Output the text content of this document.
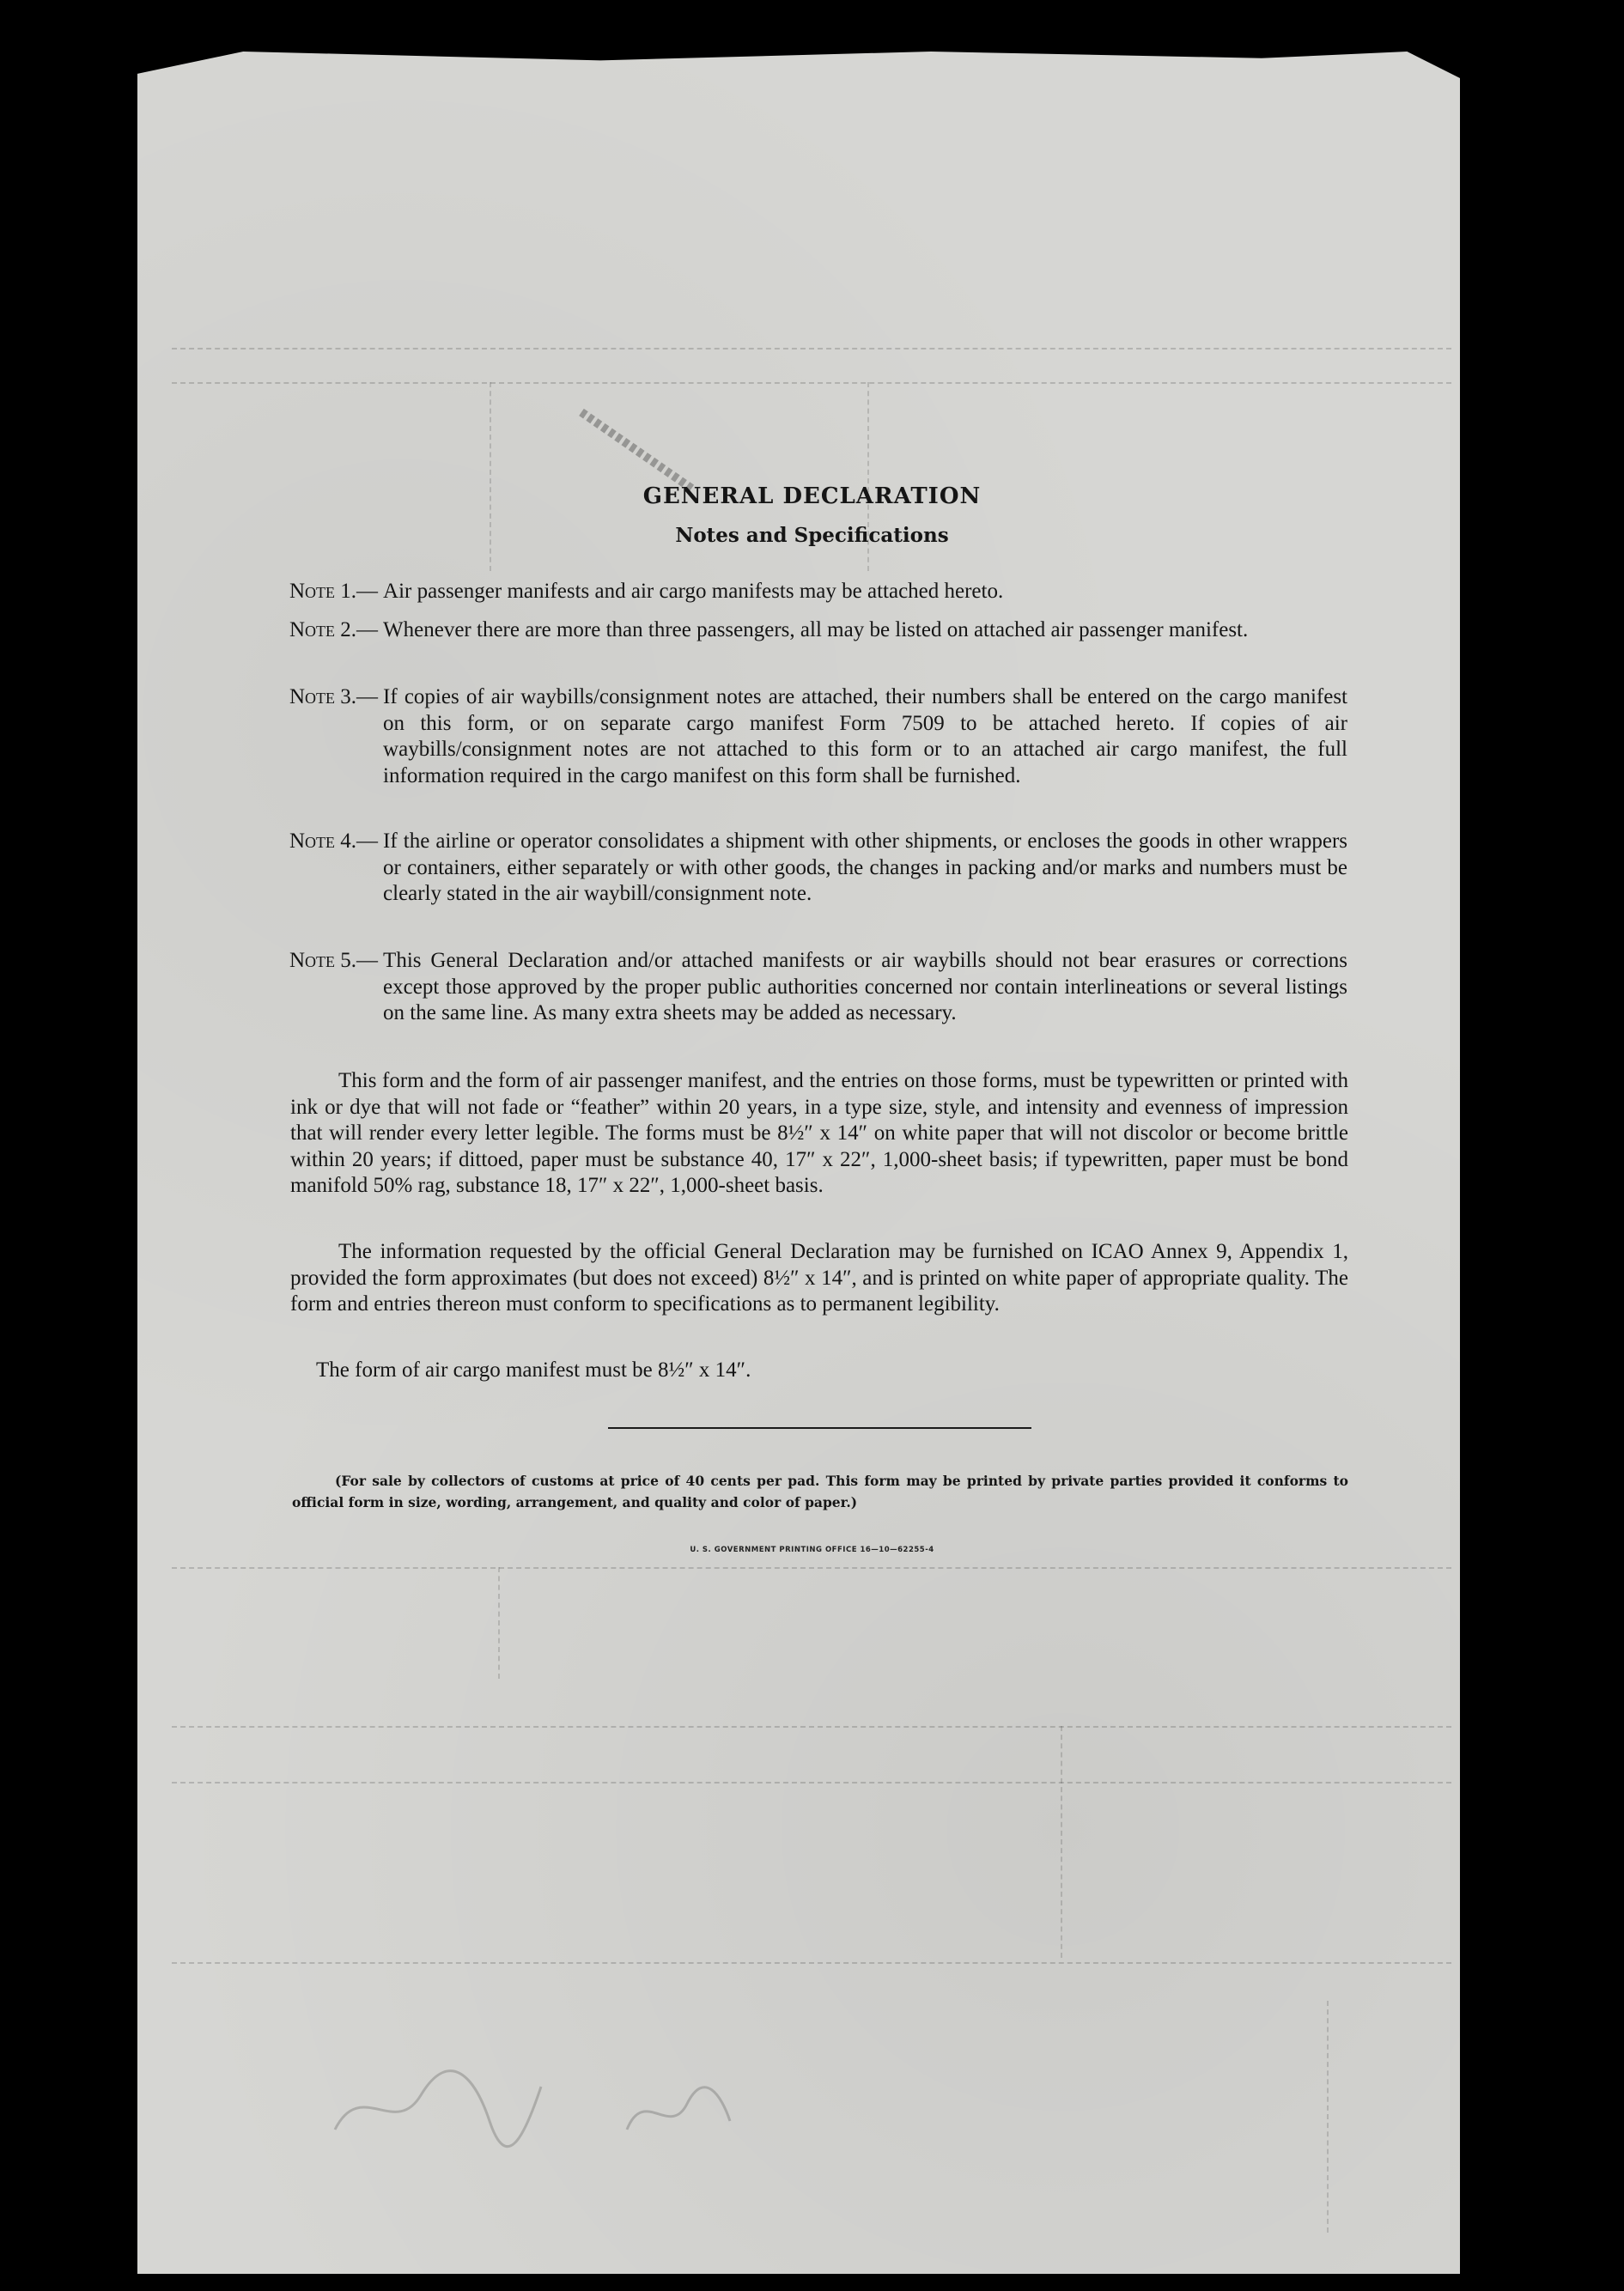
GENERAL DECLARATION
Notes and Specifications
Note 1.— Air passenger manifests and air cargo manifests may be attached hereto.
Note 2.— Whenever there are more than three passengers, all may be listed on attached air passenger manifest.
Note 3.— If copies of air waybills/consignment notes are attached, their numbers shall be entered on the cargo manifest on this form, or on separate cargo manifest Form 7509 to be attached hereto. If copies of air waybills/consignment notes are not attached to this form or to an attached air cargo manifest, the full information required in the cargo manifest on this form shall be furnished.
Note 4.— If the airline or operator consolidates a shipment with other shipments, or encloses the goods in other wrappers or containers, either separately or with other goods, the changes in packing and/or marks and numbers must be clearly stated in the air waybill/consignment note.
Note 5.— This General Declaration and/or attached manifests or air waybills should not bear erasures or corrections except those approved by the proper public authorities concerned nor contain interlineations or several listings on the same line. As many extra sheets may be added as necessary.
This form and the form of air passenger manifest, and the entries on those forms, must be typewritten or printed with ink or dye that will not fade or “feather” within 20 years, in a type size, style, and intensity and evenness of impression that will render every letter legible. The forms must be 8½″ x 14″ on white paper that will not discolor or become brittle within 20 years; if dittoed, paper must be substance 40, 17″ x 22″, 1,000-sheet basis; if typewritten, paper must be bond manifold 50% rag, substance 18, 17″ x 22″, 1,000-sheet basis.
The information requested by the official General Declaration may be furnished on ICAO Annex 9, Appendix 1, provided the form approximates (but does not exceed) 8½″ x 14″, and is printed on white paper of appropriate quality. The form and entries thereon must conform to specifications as to permanent legibility.
The form of air cargo manifest must be 8½″ x 14″.
(For sale by collectors of customs at price of 40 cents per pad. This form may be printed by private parties provided it conforms to official form in size, wording, arrangement, and quality and color of paper.)
U. S. GOVERNMENT PRINTING OFFICE 16—10—62255-4
